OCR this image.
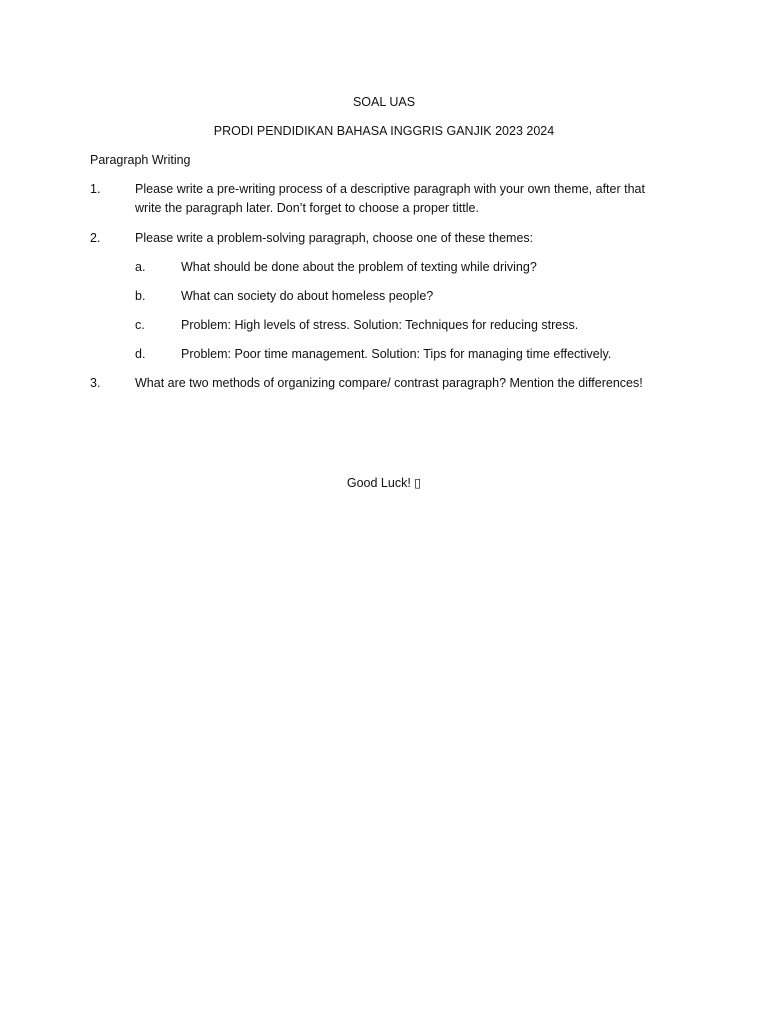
SOAL UAS
PRODI PENDIDIKAN BAHASA INGGRIS GANJIK 2023 2024
Paragraph Writing
1.	Please write a pre-writing process of a descriptive paragraph with your own theme, after that
write the paragraph later. Don’t forget to choose a proper tittle.
2.	Please write a problem-solving paragraph, choose one of these themes:
a.	What should be done about the problem of texting while driving?
b.	What can society do about homeless people?
c.	Problem: High levels of stress. Solution: Techniques for reducing stress.
d.	Problem: Poor time management. Solution: Tips for managing time effectively.
3.	What are two methods of organizing compare/ contrast paragraph? Mention the differences!
Good Luck! ▯
